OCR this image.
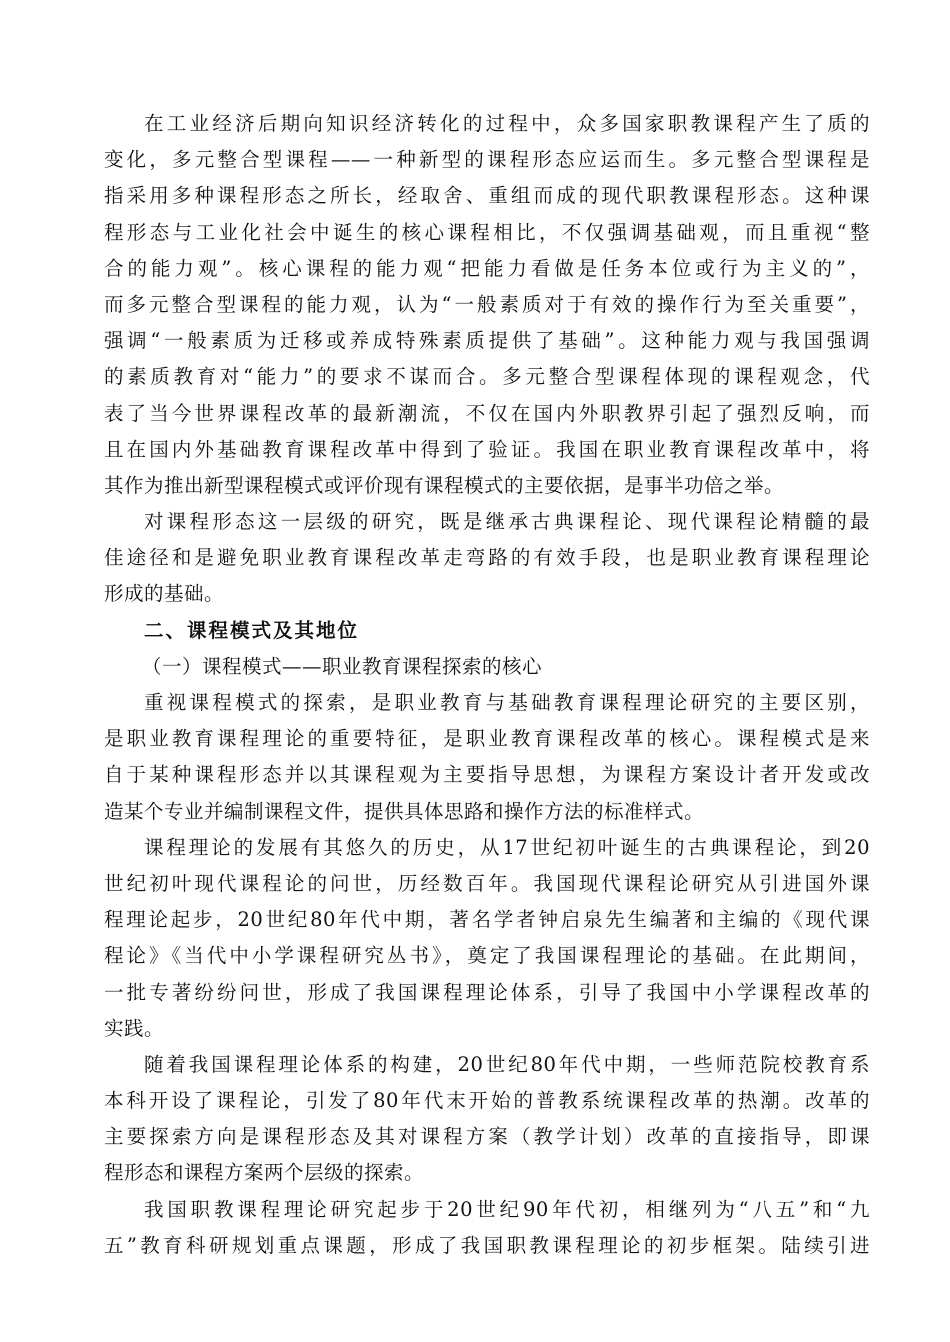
在工业经济后期向知识经济转化的过程中，众多国家职教课程产生了质的
变化，多元整合型课程——一种新型的课程形态应运而生。多元整合型课程是
指采用多种课程形态之所长，经取舍、重组而成的现代职教课程形态。这种课
程形态与工业化社会中诞生的核心课程相比，不仅强调基础观，而且重视“整
合的能力观”。核心课程的能力观“把能力看做是任务本位或行为主义的”，
而多元整合型课程的能力观，认为“一般素质对于有效的操作行为至关重要”，
强调“一般素质为迁移或养成特殊素质提供了基础”。这种能力观与我国强调
的素质教育对“能力”的要求不谋而合。多元整合型课程体现的课程观念，代
表了当今世界课程改革的最新潮流，不仅在国内外职教界引起了强烈反响，而
且在国内外基础教育课程改革中得到了验证。我国在职业教育课程改革中，将
其作为推出新型课程模式或评价现有课程模式的主要依据，是事半功倍之举。
对课程形态这一层级的研究，既是继承古典课程论、现代课程论精髓的最
佳途径和是避免职业教育课程改革走弯路的有效手段，也是职业教育课程理论
形成的基础。
二、课程模式及其地位
（一）课程模式——职业教育课程探索的核心
重视课程模式的探索，是职业教育与基础教育课程理论研究的主要区别，
是职业教育课程理论的重要特征，是职业教育课程改革的核心。课程模式是来
自于某种课程形态并以其课程观为主要指导思想，为课程方案设计者开发或改
造某个专业并编制课程文件，提供具体思路和操作方法的标准样式。
课程理论的发展有其悠久的历史，从17世纪初叶诞生的古典课程论，到20
世纪初叶现代课程论的问世，历经数百年。我国现代课程论研究从引进国外课
程理论起步，20世纪80年代中期，著名学者钟启泉先生编著和主编的《现代课
程论》《当代中小学课程研究丛书》，奠定了我国课程理论的基础。在此期间，
一批专著纷纷问世，形成了我国课程理论体系，引导了我国中小学课程改革的
实践。
随着我国课程理论体系的构建，20世纪80年代中期，一些师范院校教育系
本科开设了课程论，引发了80年代末开始的普教系统课程改革的热潮。改革的
主要探索方向是课程形态及其对课程方案（教学计划）改革的直接指导，即课
程形态和课程方案两个层级的探索。
我国职教课程理论研究起步于20世纪90年代初，相继列为“八五”和“九
五”教育科研规划重点课题，形成了我国职教课程理论的初步框架。陆续引进
